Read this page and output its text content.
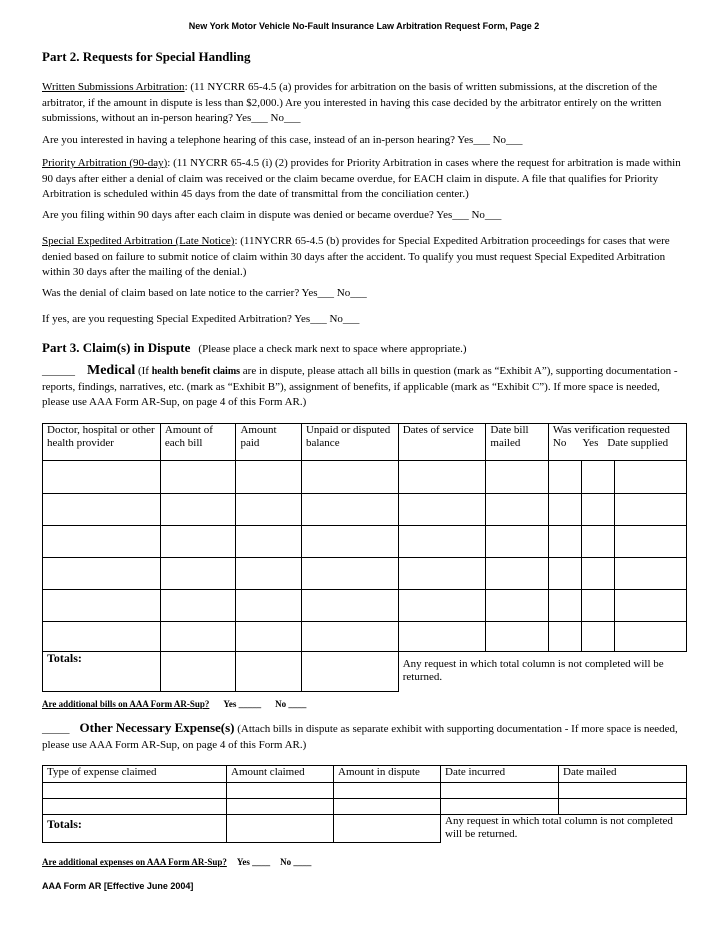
New York Motor Vehicle No-Fault Insurance Law Arbitration Request Form, Page 2
Part 2. Requests for Special Handling
Written Submissions Arbitration: (11 NYCRR 65-4.5 (a) provides for arbitration on the basis of written submissions, at the discretion of the arbitrator, if the amount in dispute is less than $2,000.) Are you interested in having this case decided by the arbitrator entirely on the written submissions, without an in-person hearing? Yes___ No___
Are you interested in having a telephone hearing of this case, instead of an in-person hearing? Yes___ No___
Priority Arbitration (90-day): (11 NYCRR 65-4.5 (i) (2) provides for Priority Arbitration in cases where the request for arbitration is made within 90 days after either a denial of claim was received or the claim became overdue, for EACH claim in dispute. A file that qualifies for Priority Arbitration is scheduled within 45 days from the date of transmittal from the conciliation center.)
Are you filing within 90 days after each claim in dispute was denied or became overdue? Yes___ No___
Special Expedited Arbitration (Late Notice): (11NYCRR 65-4.5 (b) provides for Special Expedited Arbitration proceedings for cases that were denied based on failure to submit notice of claim within 30 days after the accident. To qualify you must request Special Expedited Arbitration within 30 days after the mailing of the denial.)
Was the denial of claim based on late notice to the carrier? Yes___ No___
If yes, are you requesting Special Expedited Arbitration? Yes___ No___
Part 3. Claim(s) in Dispute (Please place a check mark next to space where appropriate.)
______ Medical (If health benefit claims are in dispute, please attach all bills in question (mark as “Exhibit A”), supporting documentation - reports, findings, narratives, etc. (mark as “Exhibit B”), assignment of benefits, if applicable (mark as “Exhibit C”). If more space is needed, please use AAA Form AR-Sup, on page 4 of this Form AR.)
Doctor, hospital or other health provider	Amount of each bill	Amount paid	Unpaid or disputed balance	Dates of service	Date bill mailed	Was verification requested
No Yes Date supplied		

Totals:				Any request in which total column is not completed will be returned.				
Are additional bills on AAA Form AR-Sup? Yes _____ No ____
_____ Other Necessary Expense(s) (Attach bills in dispute as separate exhibit with supporting documentation - If more space is needed, please use AAA Form AR-Sup, on page 4 of this Form AR.)
Type of expense claimed	Amount claimed	Amount in dispute	Date incurred	Date mailed

Totals:			Any request in which total column is not completed will be returned.	
Are additional expenses on AAA Form AR-Sup? Yes ____ No ____
AAA Form AR [Effective June 2004]
